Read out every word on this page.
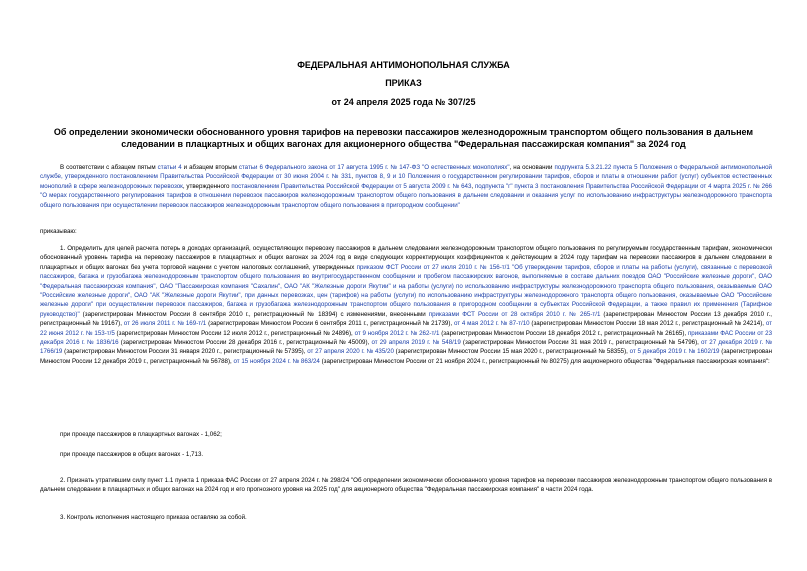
ФЕДЕРАЛЬНАЯ АНТИМОНОПОЛЬНАЯ СЛУЖБА
ПРИКАЗ
от 24 апреля 2025 года № 307/25
Об определении экономически обоснованного уровня тарифов на перевозки пассажиров железнодорожным транспортом общего пользования в дальнем следовании в плацкартных и общих вагонах для акционерного общества "Федеральная пассажирская компания" за 2024 год
В соответствии с абзацем пятым статьи 4 и абзацем вторым статьи 6 Федерального закона от 17 августа 1995 г. № 147-ФЗ "О естественных монополиях", на основании подпункта 5.3.21.22 пункта 5 Положения о Федеральной антимонопольной службе, утвержденного постановлением Правительства Российской Федерации от 30 июня 2004 г. № 331, пунктов 8, 9 и 10 Положения о государственном регулировании тарифов, сборов и платы в отношении работ (услуг) субъектов естественных монополий в сфере железнодорожных перевозок, утвержденного постановлением Правительства Российской Федерации от 5 августа 2009 г. № 643, подпункта "г" пункта 3 постановления Правительства Российской Федерации от 4 марта 2025 г. № 266 "О мерах государственного регулирования тарифов в отношении перевозок пассажиров железнодорожным транспортом общего пользования в дальнем следовании и оказания услуг по использованию инфраструктуры железнодорожного транспорта общего пользования при осуществлении перевозок пассажиров железнодорожным транспортом общего пользования в пригородном сообщении"
приказываю:
1. Определить для целей расчета потерь в доходах организаций, осуществляющих перевозку пассажиров в дальнем следовании железнодорожным транспортом общего пользования по регулируемым государственным тарифам, экономически обоснованный уровень тарифа на перевозку пассажиров в плацкартных и общих вагонах за 2024 год в виде следующих корректирующих коэффициентов к действующим в 2024 году тарифам на перевозки пассажиров в дальнем следовании в плацкартных и общих вагонах без учета торговой наценки с учетом налоговых соглашений, утвержденных приказом ФСТ России от 27 июля 2010 г. № 156-т/1 "Об утверждении тарифов, сборов и платы на работы (услуги), связанные с перевозкой пассажиров, багажа и грузобагажа железнодорожным транспортом общего пользования во внутригосударственном сообщении и пробегом пассажирских вагонов, выполняемые в составе дальних поездов ОАО "Российские железные дороги", ОАО "Федеральная пассажирская компания", ОАО "Пассажирская компания "Сахалин", ОАО "АК "Железные дороги Якутии" и на работы (услуги) по использованию инфраструктуры железнодорожного транспорта общего пользования, оказываемые ОАО "Российские железные дороги", ОАО "АК "Железные дороги Якутии", при данных перевозках, цен (тарифов) на работы (услуги) по использованию инфраструктуры железнодорожного транспорта общего пользования, оказываемые ОАО "Российские железные дороги" при осуществлении перевозок пассажиров, багажа и грузобагажа железнодорожным транспортом общего пользования в пригородном сообщении в субъектах Российской Федерации, а также правил их применения (Тарифное руководство)" (зарегистрирован Минюстом России 8 сентября 2010 г., регистрационный № 18394) с изменениями, внесенными приказами ФСТ России от 28 октября 2010 г. № 265-т/1 (зарегистрирован Минюстом России 13 декабря 2010 г., регистрационный № 19167), от 26 июля 2011 г. № 169-т/1 (зарегистрирован Минюстом России 6 сентября 2011 г., регистрационный № 21739), от 4 мая 2012 г. № 87-т/10 (зарегистрирован Минюстом России 18 мая 2012 г., регистрационный № 24214), от 22 июня 2012 г. № 153-т/5 (зарегистрирован Минюстом России 12 июля 2012 г., регистрационный № 24896), от 9 ноября 2012 г. № 262-т/1 (зарегистрирован Минюстом России 18 декабря 2012 г., регистрационный № 26165), приказами ФАС России от 23 декабря 2016 г. № 1836/16 (зарегистрирован Минюстом России 28 декабря 2016 г., регистрационный № 45009), от 29 апреля 2019 г. № 548/19 (зарегистрирован Минюстом России 31 мая 2019 г., регистрационный № 54796), от 27 декабря 2019 г. № 1766/19 (зарегистрирован Минюстом России 31 января 2020 г., регистрационный № 57395), от 27 апреля 2020 г. № 435/20 (зарегистрирован Минюстом России 15 мая 2020 г., регистрационный № 58355), от 5 декабря 2019 г. № 1602/19 (зарегистрирован Минюстом России 12 декабря 2019 г., регистрационный № 56788), от 15 ноября 2024 г. № 863/24 (зарегистрирован Минюстом России от 21 ноября 2024 г., регистрационный № 80275) для акционерного общества "Федеральная пассажирская компания":
при проезде пассажиров в плацкартных вагонах - 1,062;
при проезде пассажиров в общих вагонах - 1,713.
2. Признать утратившим силу пункт 1.1 пункта 1 приказа ФАС России от 27 апреля 2024 г. № 298/24 "Об определении экономически обоснованного уровня тарифов на перевозки пассажиров железнодорожным транспортом общего пользования в дальнем следовании в плацкартных и общих вагонах на 2024 год и его прогнозного уровня на 2025 год" для акционерного общества "Федеральная пассажирская компания" в части 2024 года.
3. Контроль исполнения настоящего приказа оставляю за собой.
